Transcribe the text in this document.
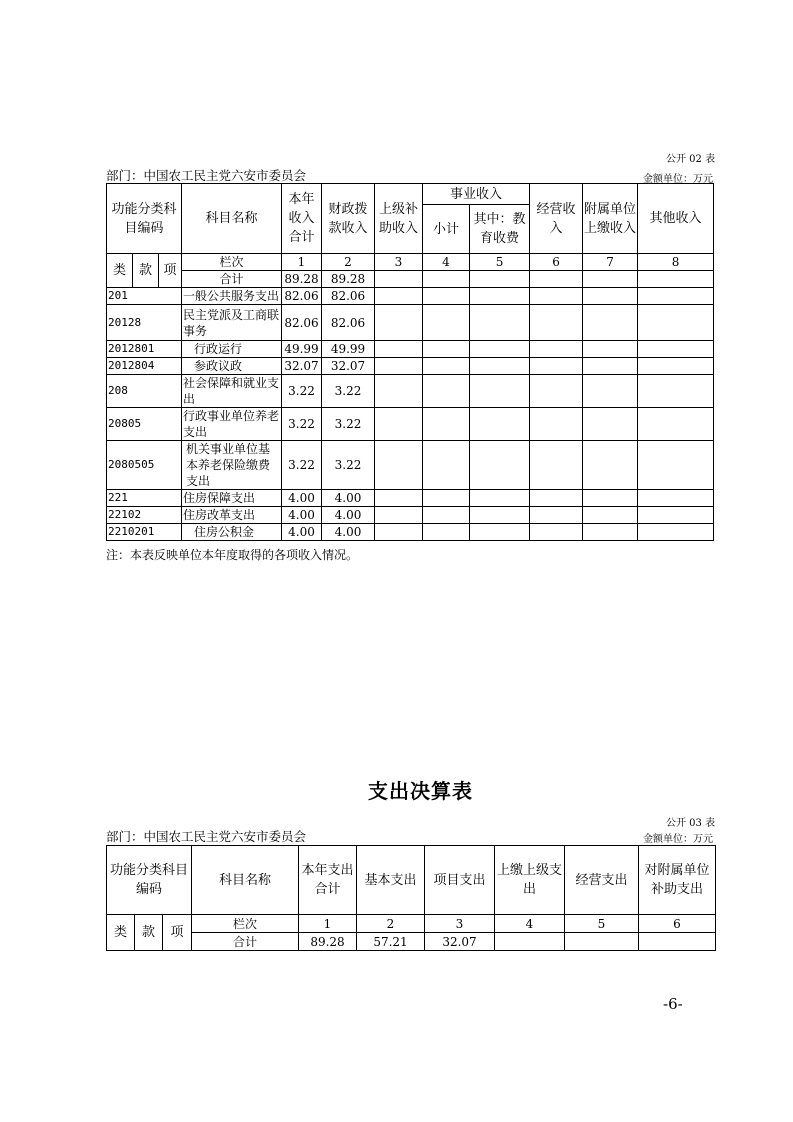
公开 02 表
部门：中国农工民主党六安市委员会	金额单位：万元
功能分类科目编码			科目名称	本年收入合计	财政拨款收入	上级补助收入	事业收入		经营收入	附属单位上缴收入	其他收入
							小计	其中：教育收费			
类	款	项	栏次	1	2	3	4	5	6	7	8
			合计	89.28	89.28						
201			一般公共服务支出	82.06	82.06						
20128			民主党派及工商联事务	82.06	82.06						
2012801			行政运行	49.99	49.99						
2012804			参政议政	32.07	32.07						
208			社会保障和就业支出	3.22	3.22						
20805			行政事业单位养老支出	3.22	3.22						
2080505			机关事业单位基本养老保险缴费支出	3.22	3.22						
221			住房保障支出	4.00	4.00						
22102			住房改革支出	4.00	4.00						
2210201			住房公积金	4.00	4.00						
注：本表反映单位本年度取得的各项收入情况。
支出决算表
公开 03 表
部门：中国农工民主党六安市委员会	金额单位：万元
功能分类科目编码			科目名称	本年支出合计	基本支出	项目支出	上缴上级支出	经营支出	对附属单位补助支出
类	款	项	栏次	1	2	3	4	5	6
			合计	89.28	57.21	32.07			
-6-
